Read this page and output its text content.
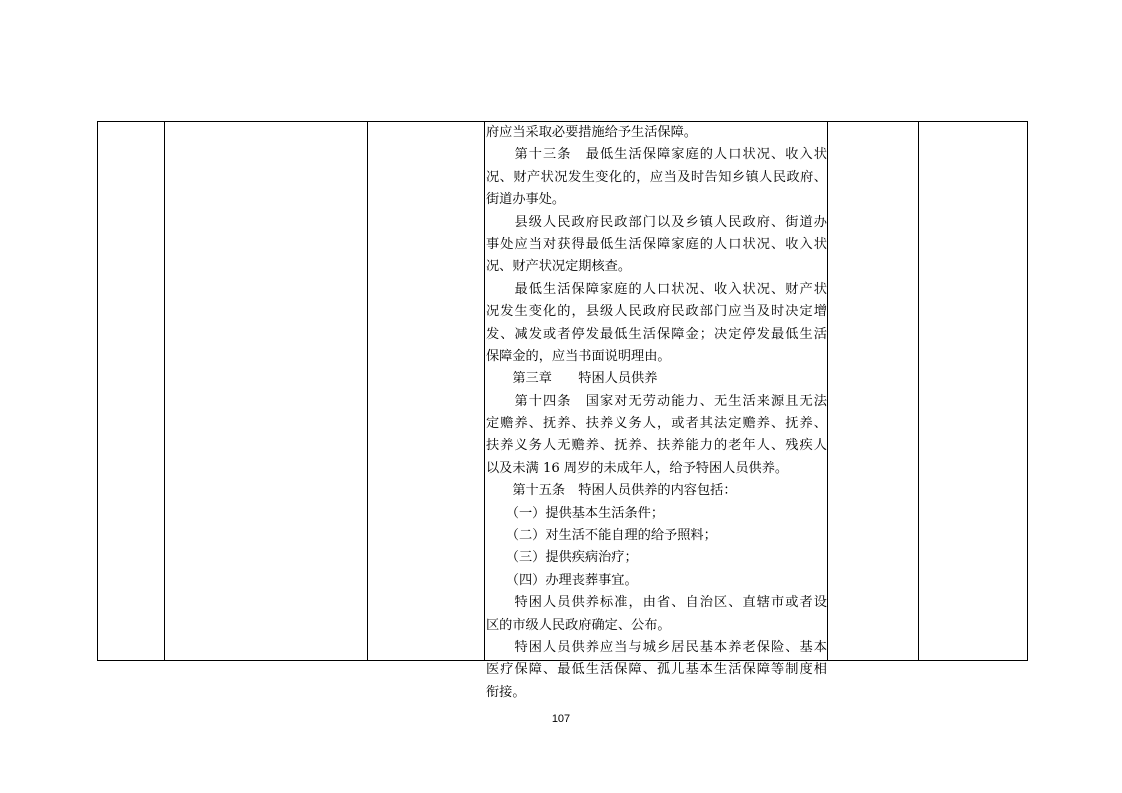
府应当采取必要措施给予生活保障。
　　第十三条　最低生活保障家庭的人口状况、收入状
况、财产状况发生变化的，应当及时告知乡镇人民政府、
街道办事处。
　　县级人民政府民政部门以及乡镇人民政府、街道办
事处应当对获得最低生活保障家庭的人口状况、收入状
况、财产状况定期核查。
　　最低生活保障家庭的人口状况、收入状况、财产状
况发生变化的，县级人民政府民政部门应当及时决定增
发、减发或者停发最低生活保障金；决定停发最低生活
保障金的，应当书面说明理由。
　　第三章　　特困人员供养
　　第十四条　国家对无劳动能力、无生活来源且无法
定赡养、抚养、扶养义务人，或者其法定赡养、抚养、
扶养义务人无赡养、抚养、扶养能力的老年人、残疾人
以及未满 16 周岁的未成年人，给予特困人员供养。
　　第十五条　特困人员供养的内容包括：
　　（一）提供基本生活条件；
　　（二）对生活不能自理的给予照料；
　　（三）提供疾病治疗；
　　（四）办理丧葬事宜。
　　特困人员供养标准，由省、自治区、直辖市或者设
区的市级人民政府确定、公布。
　　特困人员供养应当与城乡居民基本养老保险、基本
医疗保障、最低生活保障、孤儿基本生活保障等制度相
衔接。
107
